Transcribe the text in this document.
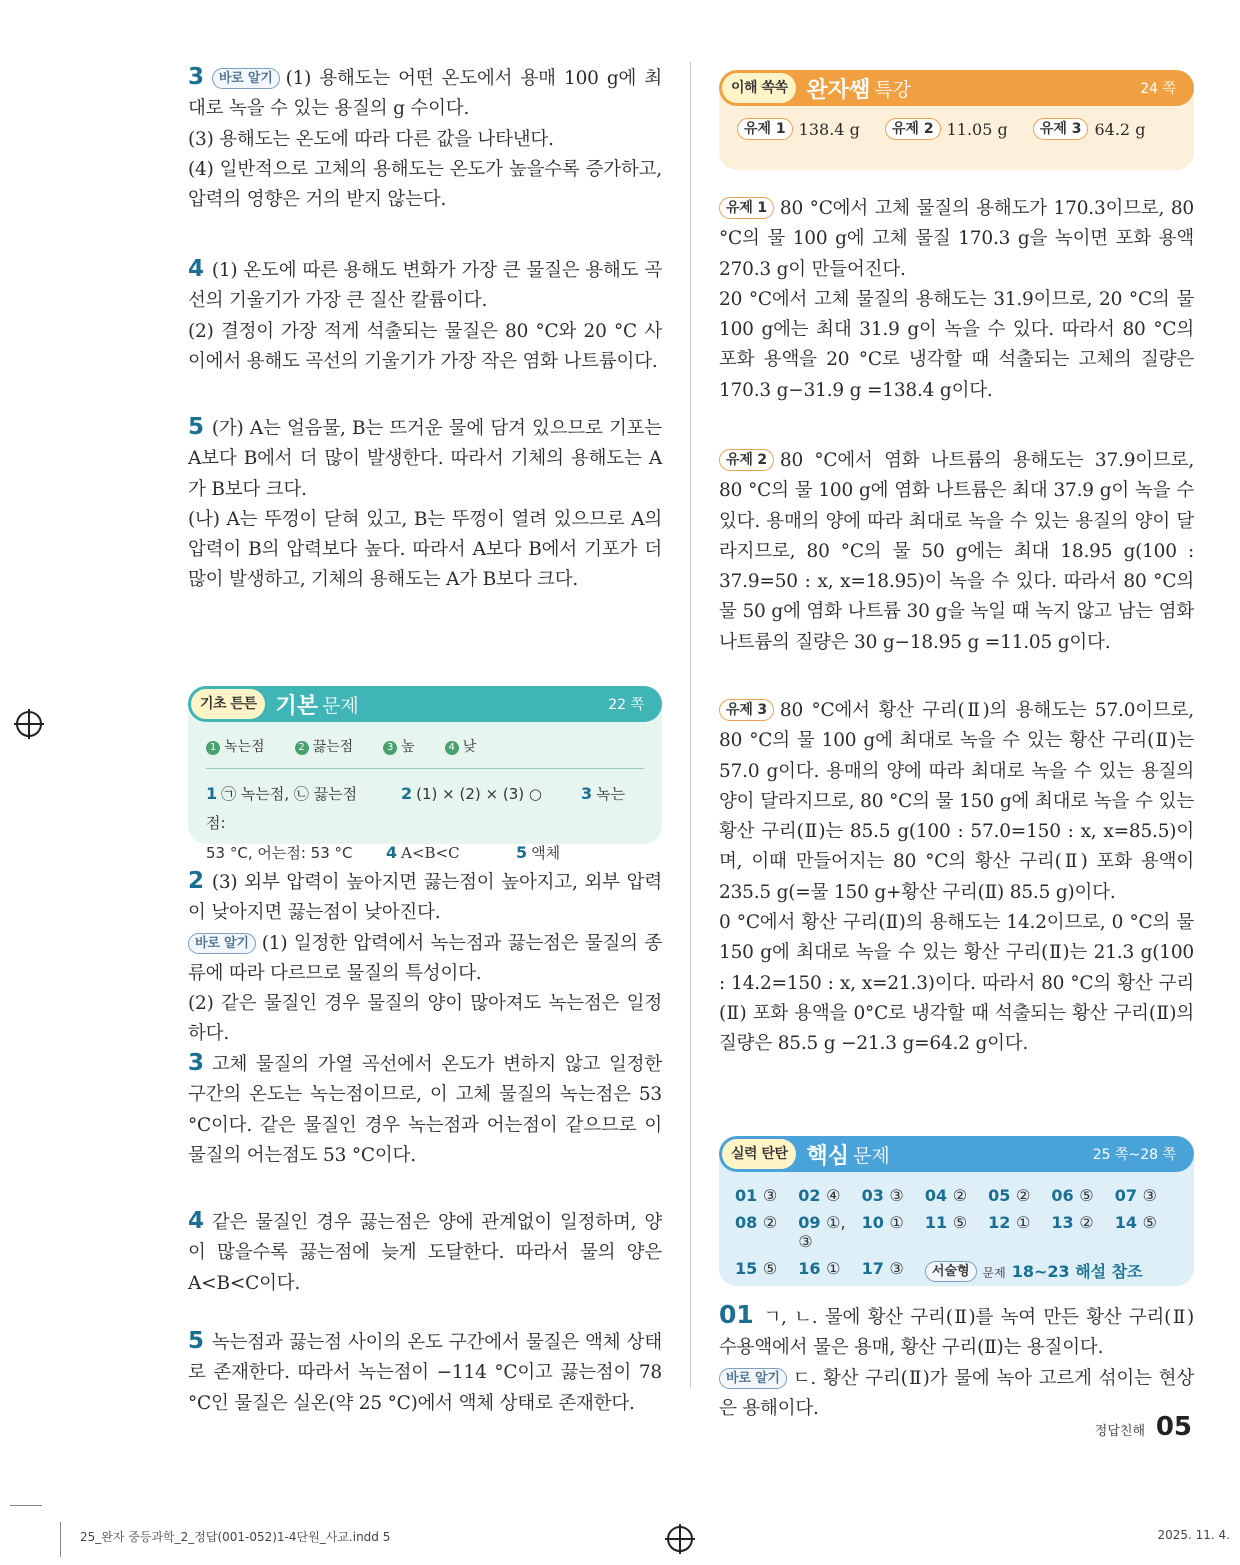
3 바로 알기 (1) 용해도는 어떤 온도에서 용매 100 g에 최대로 녹을 수 있는 용질의 g 수이다.

(3) 용해도는 온도에 따라 다른 값을 나타낸다.

(4) 일반적으로 고체의 용해도는 온도가 높을수록 증가하고, 압력의 영향은 거의 받지 않는다.

4 (1) 온도에 따른 용해도 변화가 가장 큰 물질은 용해도 곡선의 기울기가 가장 큰 질산 칼륨이다.

(2) 결정이 가장 적게 석출되는 물질은 80 °C와 20 °C 사이에서 용해도 곡선의 기울기가 가장 작은 염화 나트륨이다.

5 (가) A는 얼음물, B는 뜨거운 물에 담겨 있으므로 기포는 A보다 B에서 더 많이 발생한다. 따라서 기체의 용해도는 A가 B보다 크다.

(나) A는 뚜껑이 닫혀 있고, B는 뚜껑이 열려 있으므로 A의 압력이 B의 압력보다 높다. 따라서 A보다 B에서 기포가 더 많이 발생하고, 기체의 용해도는 A가 B보다 크다.

기초 튼튼 기본 문제	22 쪽
1 녹는점	2 끓는점	3 높	4 낮
1 ㉠ 녹는점, ㉡ 끓는점	2 (1) × (2) × (3) ○ 3 녹는점:
53 °C, 어는점: 53 °C 4 A<B<C	5 액체

2 (3) 외부 압력이 높아지면 끓는점이 높아지고, 외부 압력이 낮아지면 끓는점이 낮아진다.

바로 알기 (1) 일정한 압력에서 녹는점과 끓는점은 물질의 종류에 따라 다르므로 물질의 특성이다.

(2) 같은 물질인 경우 물질의 양이 많아져도 녹는점은 일정하다.

3 고체 물질의 가열 곡선에서 온도가 변하지 않고 일정한 구간의 온도는 녹는점이므로, 이 고체 물질의 녹는점은 53 °C이다. 같은 물질인 경우 녹는점과 어는점이 같으므로 이 물질의 어는점도 53 °C이다.

4 같은 물질인 경우 끓는점은 양에 관계없이 일정하며, 양이 많을수록 끓는점에 늦게 도달한다. 따라서 물의 양은 A<B<C이다.

5 녹는점과 끓는점 사이의 온도 구간에서 물질은 액체 상태로 존재한다. 따라서 녹는점이 −114 °C이고 끓는점이 78 °C인 물질은 실온(약 25 °C)에서 액체 상태로 존재한다.

이해 쏙쏙 완자쌤 특강	24 쪽
유제 1 138.4 g 유제 2 11.05 g 유제 3 64.2 g

유제 1 80 °C에서 고체 물질의 용해도가 170.3이므로, 80 °C의 물 100 g에 고체 물질 170.3 g을 녹이면 포화 용액 270.3 g이 만들어진다.

20 °C에서 고체 물질의 용해도는 31.9이므로, 20 °C의 물 100 g에는 최대 31.9 g이 녹을 수 있다. 따라서 80 °C의 포화 용액을 20 °C로 냉각할 때 석출되는 고체의 질량은 170.3 g−31.9 g =138.4 g이다.

유제 2 80 °C에서 염화 나트륨의 용해도는 37.9이므로, 80 °C의 물 100 g에 염화 나트륨은 최대 37.9 g이 녹을 수 있다. 용매의 양에 따라 최대로 녹을 수 있는 용질의 양이 달라지므로, 80 °C의 물 50 g에는 최대 18.95 g(100 : 37.9=50 : x, x=18.95)이 녹을 수 있다. 따라서 80 °C의 물 50 g에 염화 나트륨 30 g을 녹일 때 녹지 않고 남는 염화 나트륨의 질량은 30 g−18.95 g =11.05 g이다.

유제 3 80 °C에서 황산 구리(Ⅱ)의 용해도는 57.0이므로, 80 °C의 물 100 g에 최대로 녹을 수 있는 황산 구리(Ⅱ)는 57.0 g이다. 용매의 양에 따라 최대로 녹을 수 있는 용질의 양이 달라지므로, 80 °C의 물 150 g에 최대로 녹을 수 있는 황산 구리(Ⅱ)는 85.5 g(100 : 57.0=150 : x, x=85.5)이며, 이때 만들어지는 80 °C의 황산 구리(Ⅱ) 포화 용액이 235.5 g(=물 150 g+황산 구리(Ⅱ) 85.5 g)이다.

0 °C에서 황산 구리(Ⅱ)의 용해도는 14.2이므로, 0 °C의 물 150 g에 최대로 녹을 수 있는 황산 구리(Ⅱ)는 21.3 g(100 : 14.2=150 : x, x=21.3)이다. 따라서 80 °C의 황산 구리(Ⅱ) 포화 용액을 0°C로 냉각할 때 석출되는 황산 구리(Ⅱ)의 질량은 85.5 g −21.3 g=64.2 g이다.

실력 탄탄 핵심 문제	25 쪽~28 쪽
01 ③	02 ④	03 ③	04 ②	05 ②	06 ⑤	07 ③
08 ②	09 ①, ③
10 ①	11 ⑤	12 ①	13 ②	14 ⑤
15 ⑤	16 ①	17 ③	서술형 문제 18~23 해설 참조

01 ㄱ, ㄴ. 물에 황산 구리(Ⅱ)를 녹여 만든 황산 구리(Ⅱ) 수용액에서 물은 용매, 황산 구리(Ⅱ)는 용질이다.

바로 알기 ㄷ. 황산 구리(Ⅱ)가 물에 녹아 고르게 섞이는 현상은 용해이다.

정답친해 05
25_완자 중등과학_2_정답(001-052)1-4단원_사교.indd 5	2025. 11. 4.
